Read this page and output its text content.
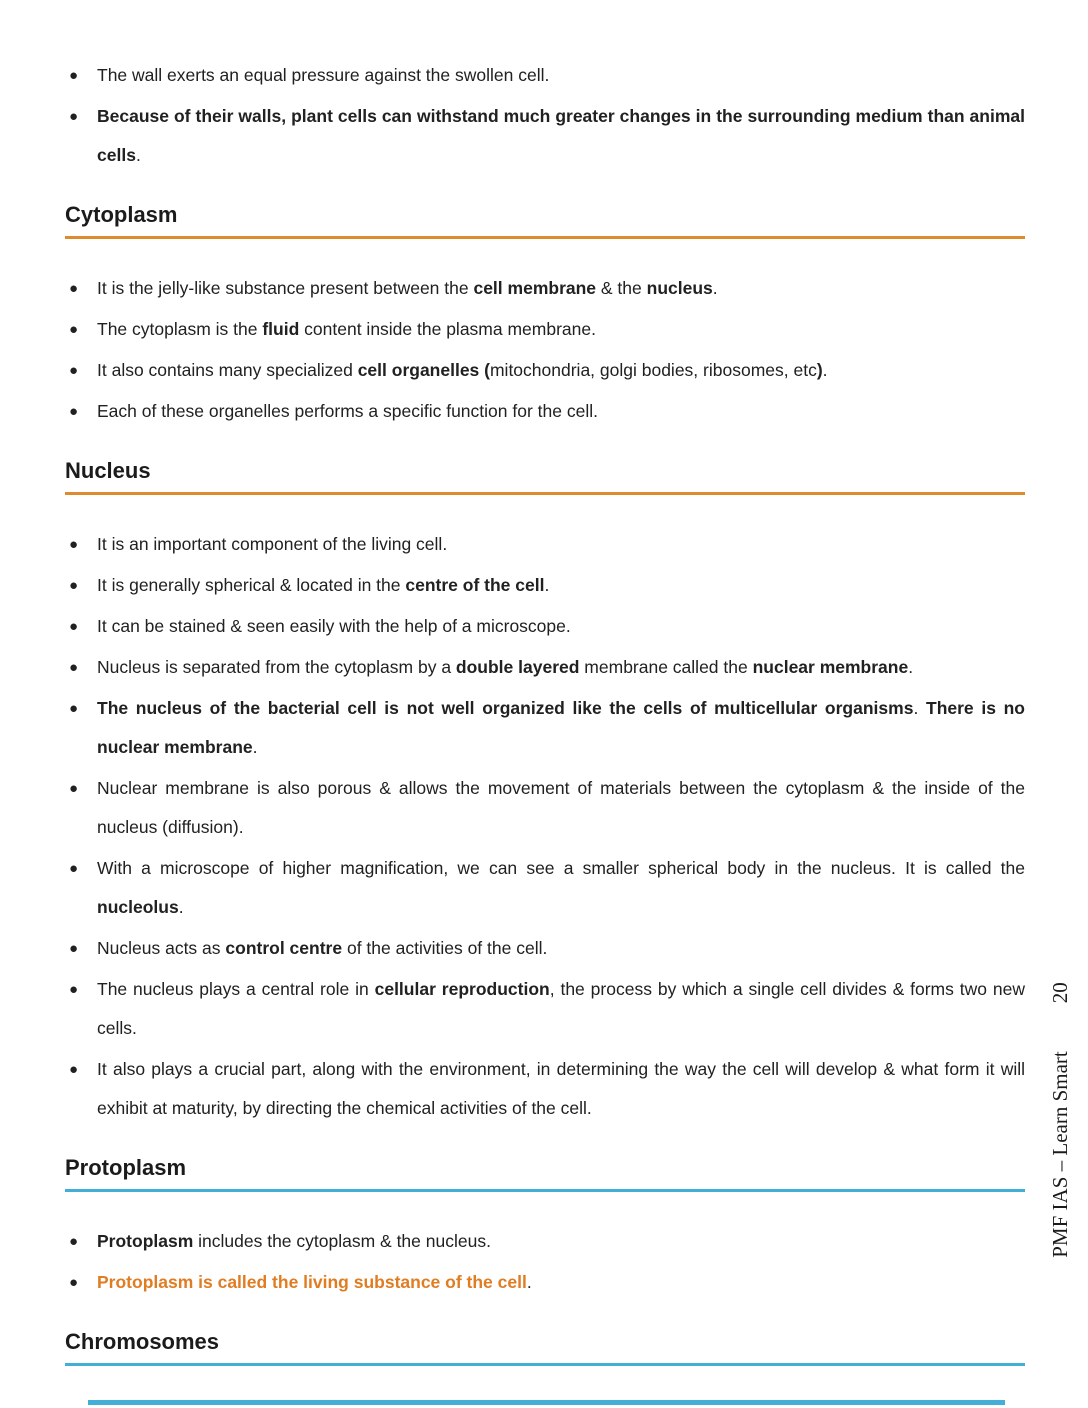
●	The wall exerts an equal pressure against the swollen cell.
●	Because of their walls, plant cells can withstand much greater changes in the surrounding medium than animal cells.
Cytoplasm
●	It is the jelly-like substance present between the cell membrane & the nucleus.
●	The cytoplasm is the fluid content inside the plasma membrane.
●	It also contains many specialized cell organelles (mitochondria, golgi bodies, ribosomes, etc).
●	Each of these organelles performs a specific function for the cell.
Nucleus
●	It is an important component of the living cell.
●	It is generally spherical & located in the centre of the cell.
●	It can be stained & seen easily with the help of a microscope.
●	Nucleus is separated from the cytoplasm by a double layered membrane called the nuclear membrane.
●	The nucleus of the bacterial cell is not well organized like the cells of multicellular organisms. There is no nuclear membrane.
●	Nuclear membrane is also porous & allows the movement of materials between the cytoplasm & the inside of the nucleus (diffusion).
●	With a microscope of higher magnification, we can see a smaller spherical body in the nucleus. It is called the nucleolus.
●	Nucleus acts as control centre of the activities of the cell.
●	The nucleus plays a central role in cellular reproduction, the process by which a single cell divides & forms two new cells.
●	It also plays a crucial part, along with the environment, in determining the way the cell will develop & what form it will exhibit at maturity, by directing the chemical activities of the cell.
Protoplasm
●	Protoplasm includes the cytoplasm & the nucleus.
●	Protoplasm is called the living substance of the cell.
Chromosomes
PMF IAS – Learn Smart20
